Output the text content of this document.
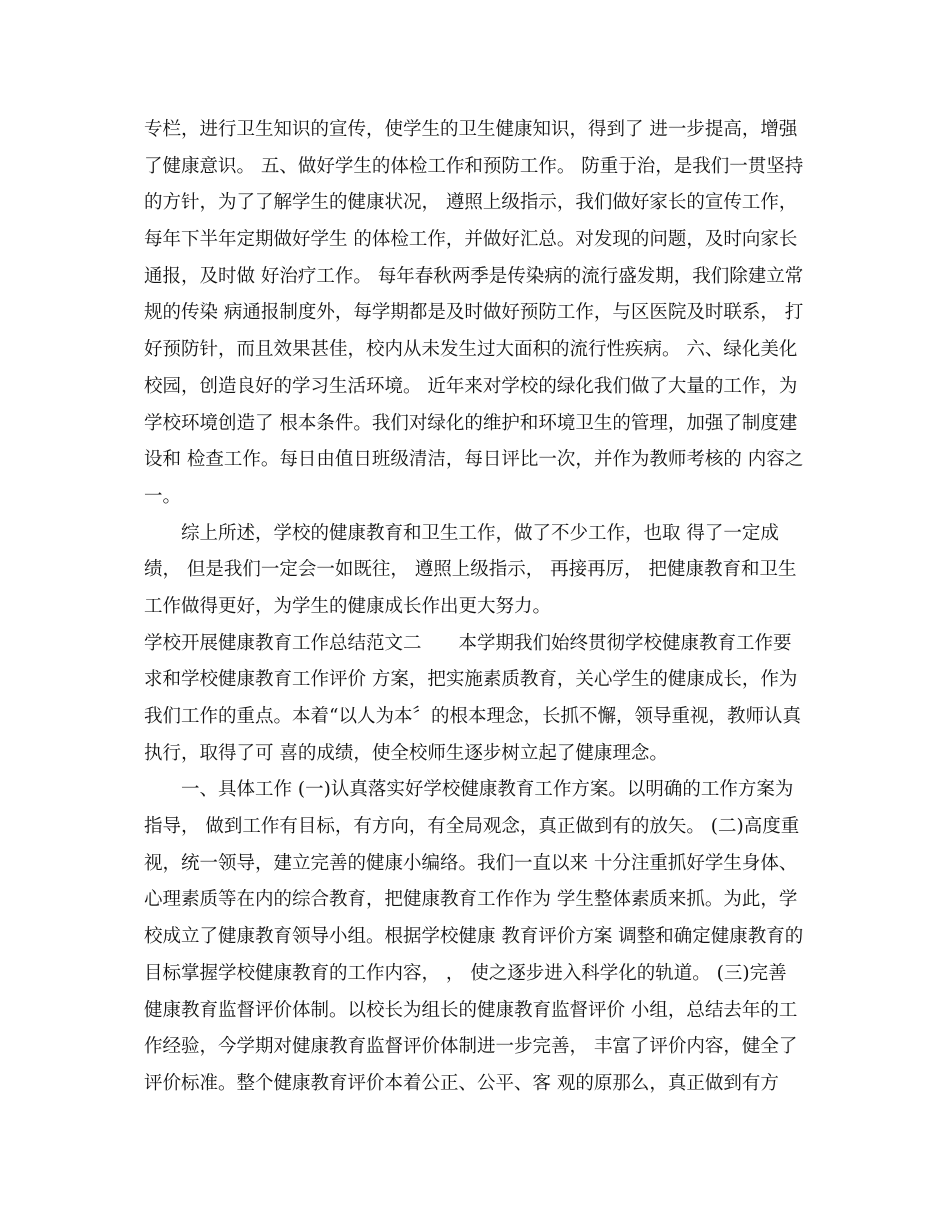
专栏，进行卫生知识的宣传，使学生的卫生健康知识，得到了 进一步提高，增强
了健康意识。 五、做好学生的体检工作和预防工作。 防重于治，是我们一贯坚持
的方针，为了了解学生的健康状况， 遵照上级指示，我们做好家长的宣传工作，
每年下半年定期做好学生 的体检工作，并做好汇总。对发现的问题，及时向家长
通报，及时做 好治疗工作。 每年春秋两季是传染病的流行盛发期，我们除建立常
规的传染 病通报制度外，每学期都是及时做好预防工作，与区医院及时联系， 打
好预防针，而且效果甚佳，校内从未发生过大面积的流行性疾病。 六、绿化美化
校园，创造良好的学习生活环境。 近年来对学校的绿化我们做了大量的工作，为
学校环境创造了 根本条件。我们对绿化的维护和环境卫生的管理，加强了制度建
设和 检查工作。每日由值日班级清洁，每日评比一次，并作为教师考核的 内容之
一。
　　综上所述，学校的健康教育和卫生工作，做了不少工作，也取 得了一定成
绩， 但是我们一定会一如既往， 遵照上级指示， 再接再厉， 把健康教育和卫生
工作做得更好，为学生的健康成长作出更大努力。
学校开展健康教育工作总结范文二　　本学期我们始终贯彻学校健康教育工作要
求和学校健康教育工作评价 方案，把实施素质教育，关心学生的健康成长，作为
我们工作的重点。本着“以人为本〞的根本理念，长抓不懈，领导重视，教师认真
执行，取得了可 喜的成绩，使全校师生逐步树立起了健康理念。
　　一、具体工作 (一)认真落实好学校健康教育工作方案。以明确的工作方案为
指导， 做到工作有目标，有方向，有全局观念，真正做到有的放矢。 (二)高度重
视，统一领导，建立完善的健康小编络。我们一直以来 十分注重抓好学生身体、
心理素质等在内的综合教育，把健康教育工作作为 学生整体素质来抓。为此，学
校成立了健康教育领导小组。根据学校健康 教育评价方案 调整和确定健康教育的
目标掌握学校健康教育的工作内容， ， 使之逐步进入科学化的轨道。 (三)完善
健康教育监督评价体制。以校长为组长的健康教育监督评价 小组，总结去年的工
作经验，今学期对健康教育监督评价体制进一步完善， 丰富了评价内容，健全了
评价标准。整个健康教育评价本着公正、公平、客 观的原那么，真正做到有方
